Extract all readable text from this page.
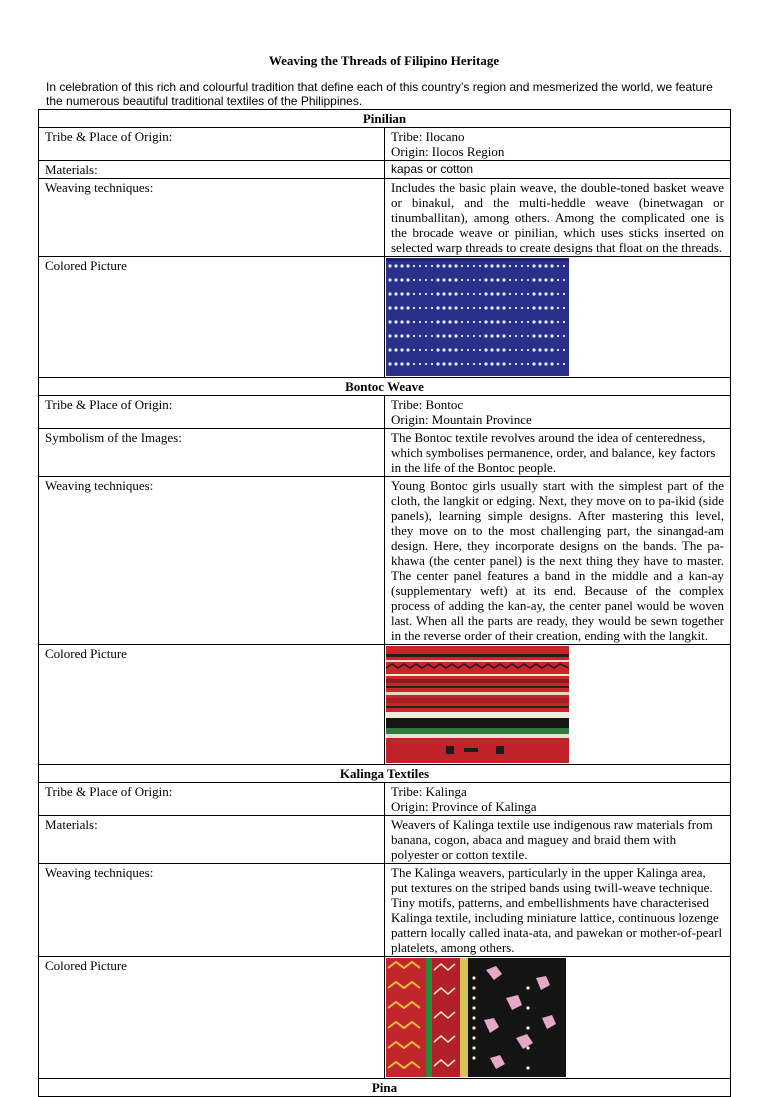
Weaving the Threads of Filipino Heritage
In celebration of this rich and colourful tradition that define each of this country’s region and mesmerized the world, we feature the numerous beautiful traditional textiles of the Philippines.
Pinilian	
Tribe & Place of Origin:	Tribe: Ilocano
Origin: Ilocos Region

Materials:	kapas or cotton
Weaving techniques:	Includes the basic plain weave, the double-toned basket weave or binakul, and the multi-heddle weave (binetwagan or tinumballitan), among others. Among the complicated one is the brocade weave or pinilian, which uses sticks inserted on selected warp threads to create designs that float on the threads.
Colored Picture	

Bontoc Weave	
Tribe & Place of Origin:	Tribe: Bontoc
Origin: Mountain Province

Symbolism of the Images:	The Bontoc textile revolves around the idea of centeredness, which symbolises permanence, order, and balance, key factors in the life of the Bontoc people.
Weaving techniques:	Young Bontoc girls usually start with the simplest part of the cloth, the langkit or edging. Next, they move on to pa-ikid (side panels), learning simple designs. After mastering this level, they move on to the most challenging part, the sinangad-am design. Here, they incorporate designs on the bands. The pa-khawa (the center panel) is the next thing they have to master. The center panel features a band in the middle and a kan-ay (supplementary weft) at its end. Because of the complex process of adding the kan-ay, the center panel would be woven last. When all the parts are ready, they would be sewn together in the reverse order of their creation, ending with the langkit.
Colored Picture	

Kalinga Textiles	
Tribe & Place of Origin:	Tribe: Kalinga
Origin: Province of Kalinga

Materials:	Weavers of Kalinga textile use indigenous raw materials from banana, cogon, abaca and maguey and braid them with polyester or cotton textile.
Weaving techniques:	The Kalinga weavers, particularly in the upper Kalinga area, put textures on the striped bands using twill-weave technique. Tiny motifs, patterns, and embellishments have characterised Kalinga textile, including miniature lattice, continuous lozenge pattern locally called inata-ata, and pawekan or mother-of-pearl platelets, among others.
Colored Picture	

Pina	
